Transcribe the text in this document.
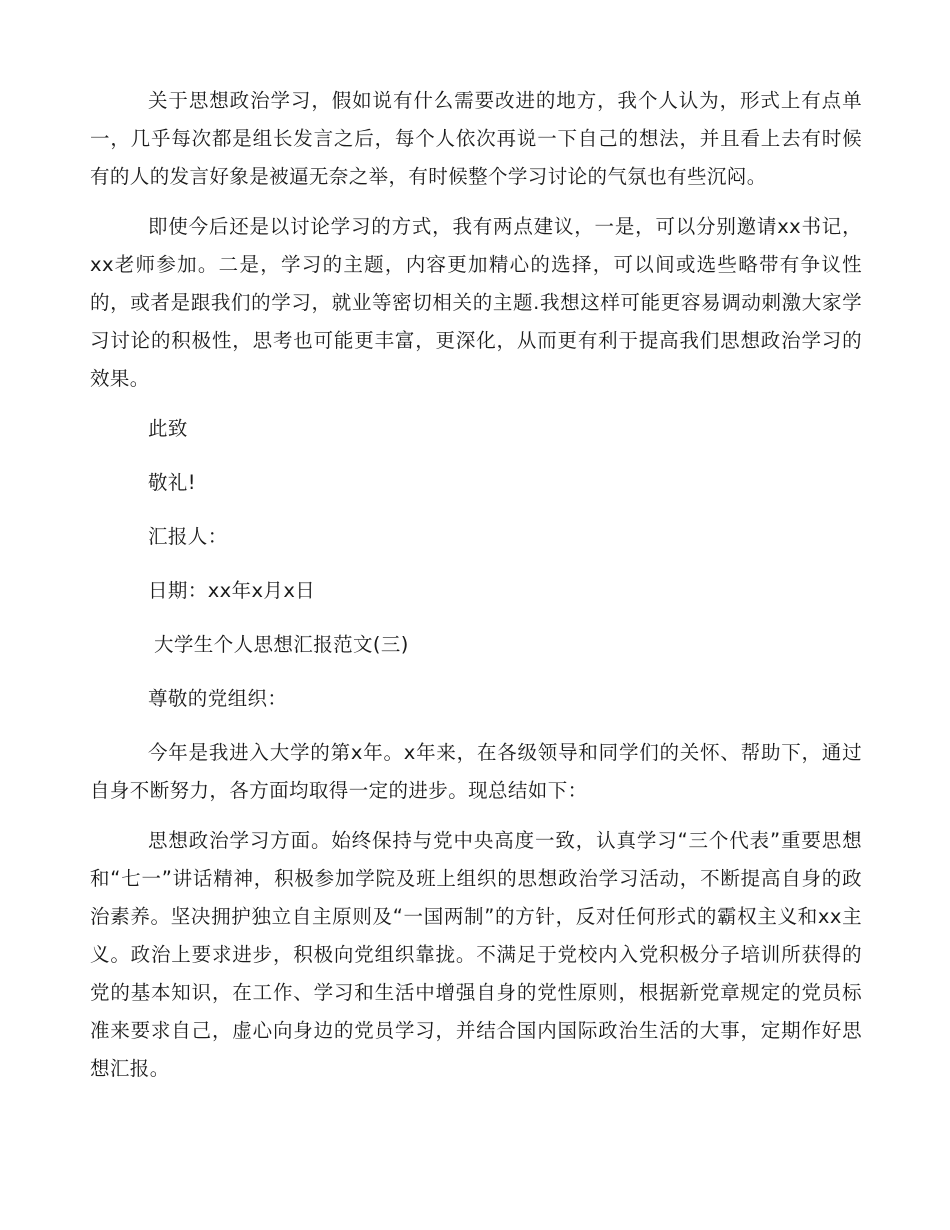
关于思想政治学习，假如说有什么需要改进的地方，我个人认为，形式上有点单一，几乎每次都是组长发言之后，每个人依次再说一下自己的想法，并且看上去有时候有的人的发言好象是被逼无奈之举，有时候整个学习讨论的气氛也有些沉闷。

即使今后还是以讨论学习的方式，我有两点建议，一是，可以分别邀请xx书记，xx老师参加。二是，学习的主题，内容更加精心的选择，可以间或选些略带有争议性的，或者是跟我们的学习，就业等密切相关的主题.我想这样可能更容易调动刺激大家学习讨论的积极性，思考也可能更丰富，更深化，从而更有利于提高我们思想政治学习的效果。

此致
敬礼!
汇报人：
日期：xx年x月x日
大学生个人思想汇报范文(三)
尊敬的党组织：

今年是我进入大学的第x年。x年来，在各级领导和同学们的关怀、帮助下，通过自身不断努力，各方面均取得一定的进步。现总结如下：

思想政治学习方面。始终保持与党中央高度一致，认真学习“三个代表”重要思想和“七一”讲话精神，积极参加学院及班上组织的思想政治学习活动，不断提高自身的政治素养。坚决拥护独立自主原则及“一国两制”的方针，反对任何形式的霸权主义和xx主义。政治上要求进步，积极向党组织靠拢。不满足于党校内入党积极分子培训所获得的党的基本知识，在工作、学习和生活中增强自身的党性原则，根据新党章规定的党员标准来要求自己，虚心向身边的党员学习，并结合国内国际政治生活的大事，定期作好思想汇报。
